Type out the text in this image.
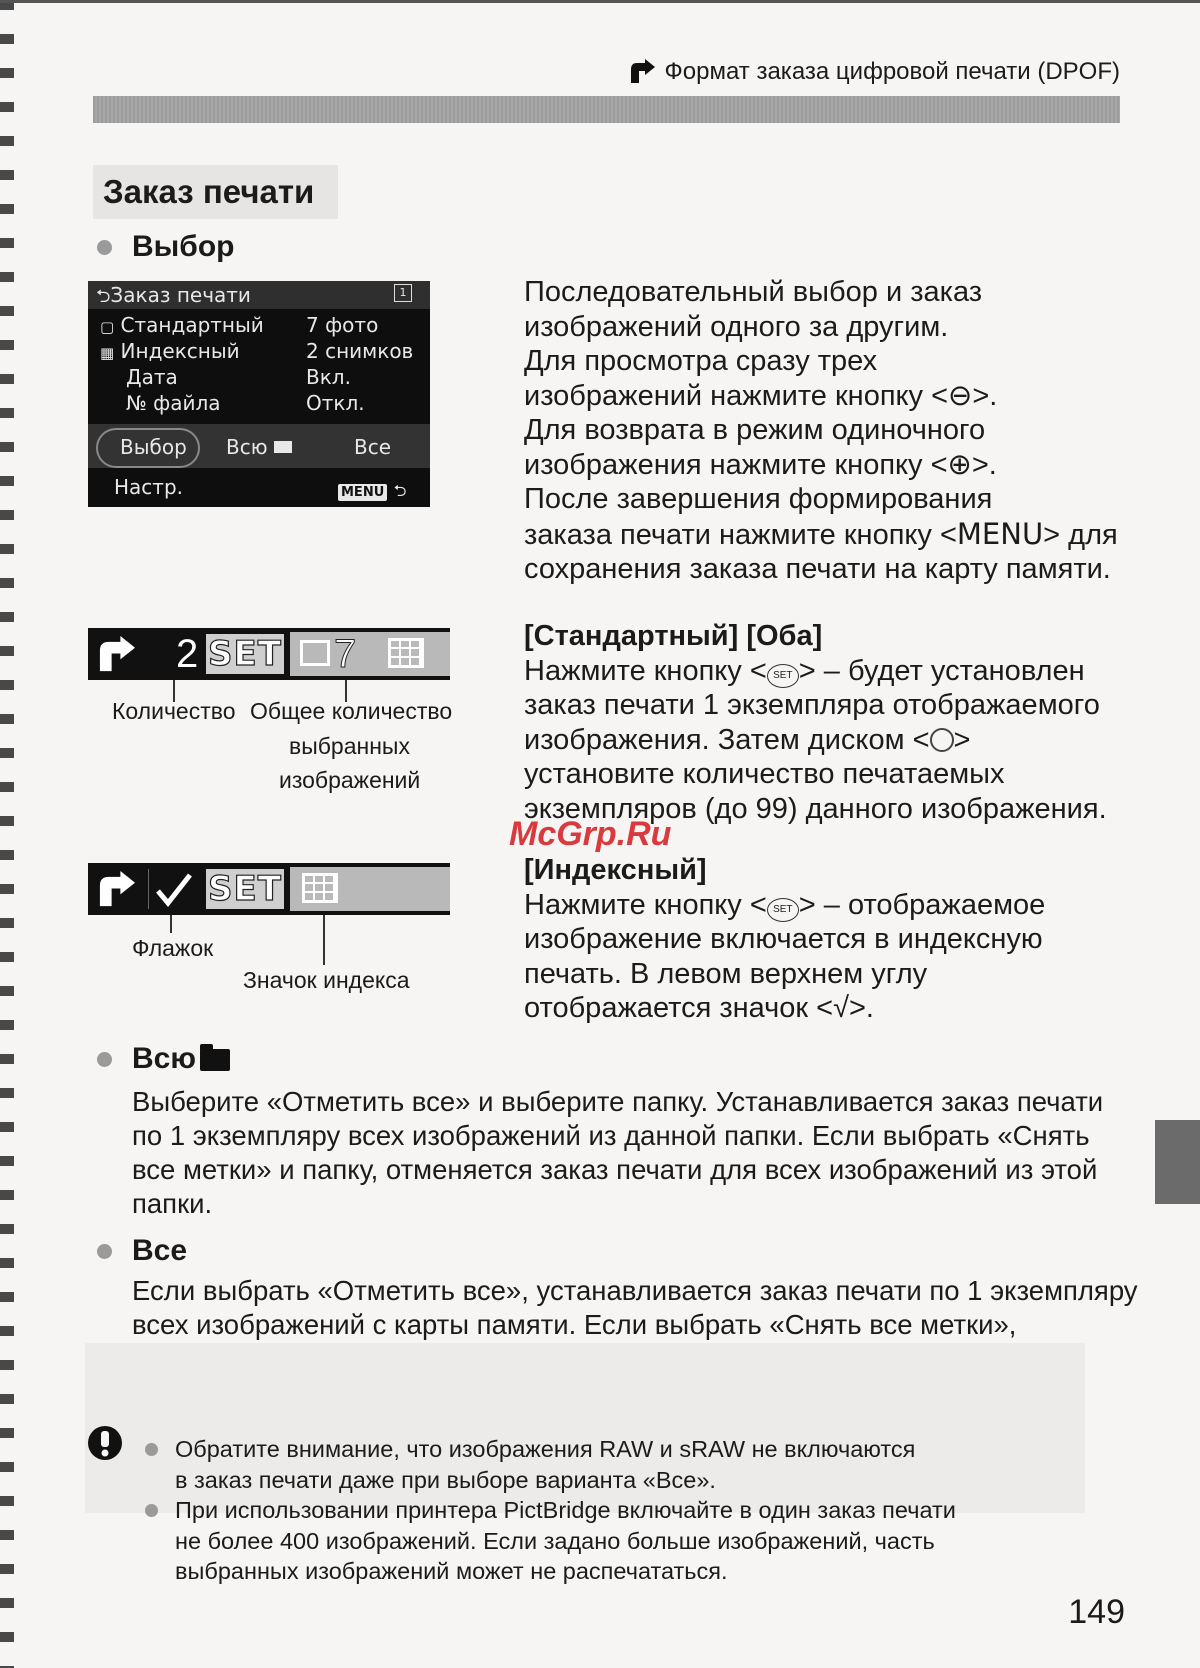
Формат заказа цифровой печати (DPOF)
Заказ печати
Выбор
⮌Заказ печати	1
▢ Стандартный 7 фото
▦ Индексный	2 снимков
Дата	Вкл.
№ файла	Откл.
Выбор Всю	Все
Настр.	MENU ⮌
2 SET 7
Количество Общее количество
выбранных
изображений
SET
Флажок
Значок индекса
Последовательный выбор и заказ
изображений одного за другим.
Для просмотра сразу трех
изображений нажмите кнопку <⊖>.
Для возврата в режим одиночного
изображения нажмите кнопку <⊕>.
После завершения формирования
заказа печати нажмите кнопку <MENU> для
сохранения заказа печати на карту памяти.
[Стандартный] [Оба]
Нажмите кнопку < SET > – будет установлен
заказ печати 1 экземпляра отображаемого
изображения. Затем диском < >
установите количество печатаемых
экземпляров (до 99) данного изображения.
[Индексный]
Нажмите кнопку < SET > – отображаемое
изображение включается в индексную
печать. В левом верхнем углу
отображается значок <√>.
McGrp.Ru
Всю
Выберите «Отметить все» и выберите папку. Устанавливается заказ печати
по 1 экземпляру всех изображений из данной папки. Если выбрать «Снять
все метки» и папку, отменяется заказ печати для всех изображений из этой
папки.
Все
Если выбрать «Отметить все», устанавливается заказ печати по 1 экземпляру
всех изображений с карты памяти. Если выбрать «Снять все метки»,
Обратите внимание, что изображения RAW и sRAW не включаются
в заказ печати даже при выборе варианта «Все».
При использовании принтера PictBridge включайте в один заказ печати
не более 400 изображений. Если задано больше изображений, часть
выбранных изображений может не распечататься.
149
